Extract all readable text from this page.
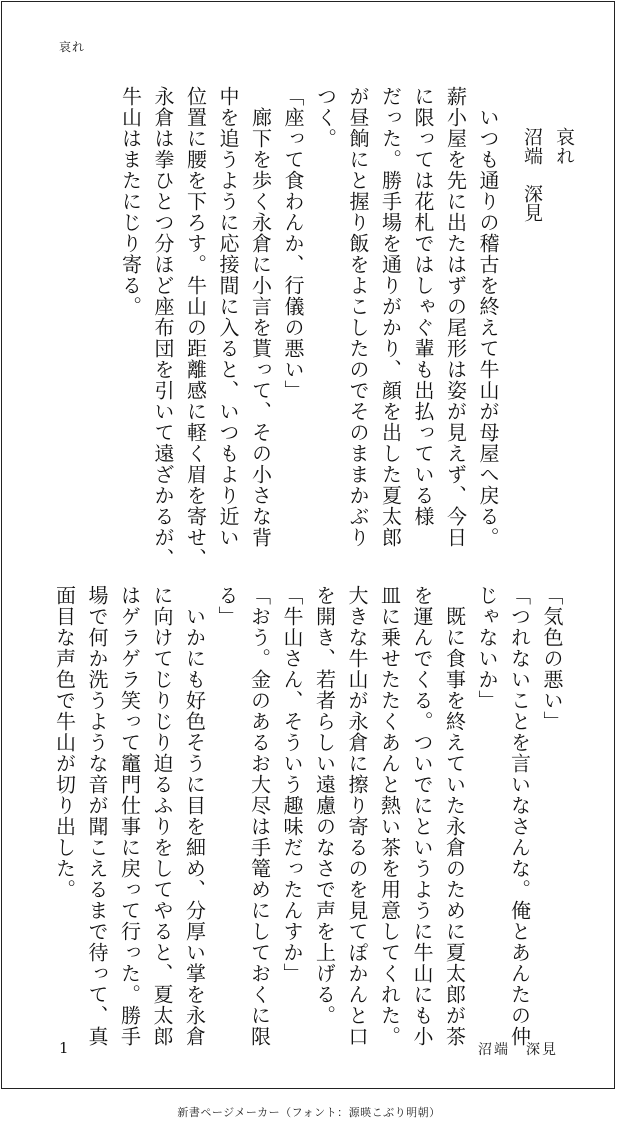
哀れ
哀れ
沼端　深見
　いつも通りの稽古を終えて牛山が母屋へ戻る。
薪小屋を先に出たはずの尾形は姿が見えず、今日
に限っては花札ではしゃぐ輩も出払っている様
だった。勝手場を通りがかり、顔を出した夏太郎
が昼餉にと握り飯をよこしたのでそのままかぶり
つく。
「座って食わんか、行儀の悪い」
　廊下を歩く永倉に小言を貰って、その小さな背
中を追うように応接間に入ると、いつもより近い
位置に腰を下ろす。牛山の距離感に軽く眉を寄せ、
永倉は拳ひとつ分ほど座布団を引いて遠ざかるが、
牛山はまたにじり寄る。
「気色の悪い」
「つれないことを言いなさんな。俺とあんたの仲
じゃないか」
　既に食事を終えていた永倉のために夏太郎が茶
を運んでくる。ついでにというように牛山にも小
皿に乗せたたくあんと熱い茶を用意してくれた。
大きな牛山が永倉に擦り寄るのを見てぽかんと口
を開き、若者らしい遠慮のなさで声を上げる。
「牛山さん、そういう趣味だったんすか」
「おう。金のあるお大尽は手篭めにしておくに限
る」
　いかにも好色そうに目を細め、分厚い掌を永倉
に向けてじりじり迫るふりをしてやると、夏太郎
はゲラゲラ笑って竈門仕事に戻って行った。勝手
場で何か洗うような音が聞こえるまで待って、真
面目な声色で牛山が切り出した。
1	沼端　深見
新書ページメーカー（フォント：源暎こぶり明朝）
